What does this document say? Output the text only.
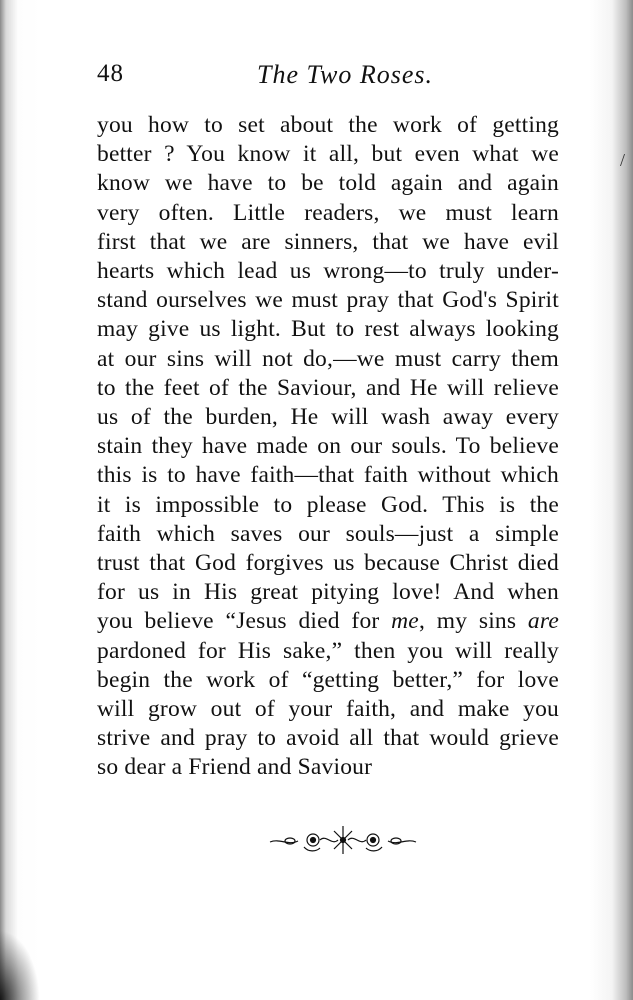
48	The Two Roses.
/
you how to set about the work of getting
better ? You know it all, but even what we
know we have to be told again and again
very often. Little readers, we must learn
first that we are sinners, that we have evil
hearts which lead us wrong—to truly under-
stand ourselves we must pray that God's Spirit
may give us light. But to rest always looking
at our sins will not do,—we must carry them
to the feet of the Saviour, and He will relieve
us of the burden, He will wash away every
stain they have made on our souls. To believe
this is to have faith—that faith without which
it is impossible to please God. This is the
faith which saves our souls—just a simple
trust that God forgives us because Christ died
for us in His great pitying love! And when
you believe “Jesus died for me, my sins are
pardoned for His sake,” then you will really
begin the work of “getting better,” for love
will grow out of your faith, and make you
strive and pray to avoid all that would grieve
so dear a Friend and Saviour
